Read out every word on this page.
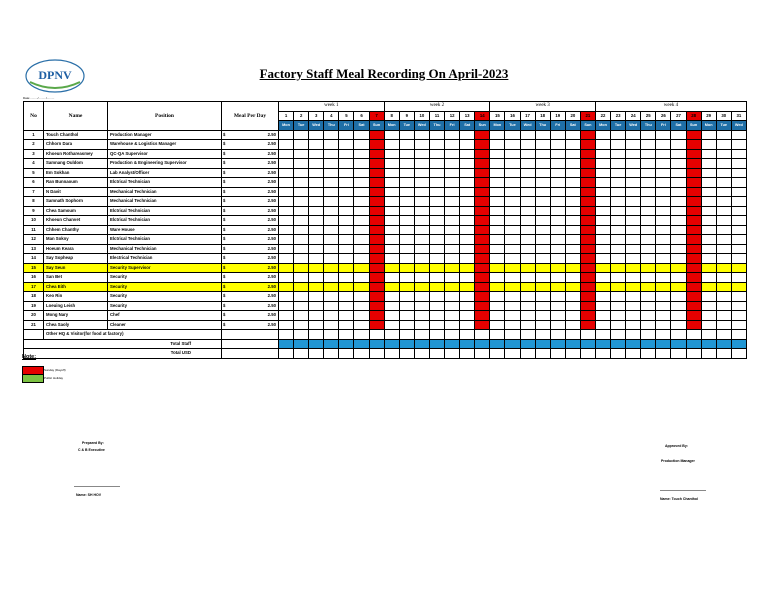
DPNV	Factory Staff Meal Recording On April-2023
Date:........./........./.........
No	Name	Position	Meal Per Day	week 1							week 2							week 3							week 4									
				1	2	3	4	5	6	7	8	9	10	11	12	13	14	15	16	17	18	19	20	21	22	23	24	25	26	27	28	29	30	31
				Mon	Tue	Wed	Thu	Fri	Sat	Sun	Mon	Tue	Wed	Thu	Fri	Sat	Sun	Mon	Tue	Wed	Thu	Fri	Sat	Sun	Mon	Tue	Wed	Thu	Fri	Sat	Sun	Mon	Tue	Wed
1	Touch Chanthol	Production Manager	$ 2.50																															

2	Chhorn Dara	Warehouse & Logistics Manager	$ 2.50																															

3	Khoeun Rothareasmey	QC-QA Supervisor	$ 2.50																															

4	Samnang Ouldom	Production & Engineering Supervisor	$ 2.50																															

5	Em Sokhan	Lab Analyst/Officer	$ 2.50																															

6	Ran Bunnaoum	Elctrical Technician	$ 2.50																															

7	N Davit	Mechanical Technician	$ 2.50																															

8	Samnath Sophorn	Mechanical Technician	$ 2.50																															

9	Chea Samoum	Elctrical Technician	$ 2.50																															

10	Khoeun Chanvet	Elctrical Technician	$ 2.50																															

11	Chhem Chanthy	Ware House	$ 2.50																															

12	Man Sokny	Elctrical Technician	$ 2.50																															

13	Hoeum Keara	Mechanical Technician	$ 2.50																															

14	Say Sopheap	Electrical Technician	$ 2.50																															

15	Say Seun	Security Supervisor	$ 2.50																															

16	San Bet	Security	$ 2.50																															

17	Chea Eith	Security	$ 2.50																															

18	Keo Rin	Security	$ 2.50																															

19	Loeuing Leish	Security	$ 2.50																															

20	Mong Nary	Chef	$ 2.50																															

21	Chea Saoly	Cleaner	$ 2.50																															

	Other HQ & Visitor(for food at factory)																																	
Total Staff																																		
Total USD																																		
Note:
Sunday (Dayoff)
Public Holiday
Prepared By:
C & B Executive
Name: SH HOV
Approved By:
Production Manager
Name: Touch Chanthol
